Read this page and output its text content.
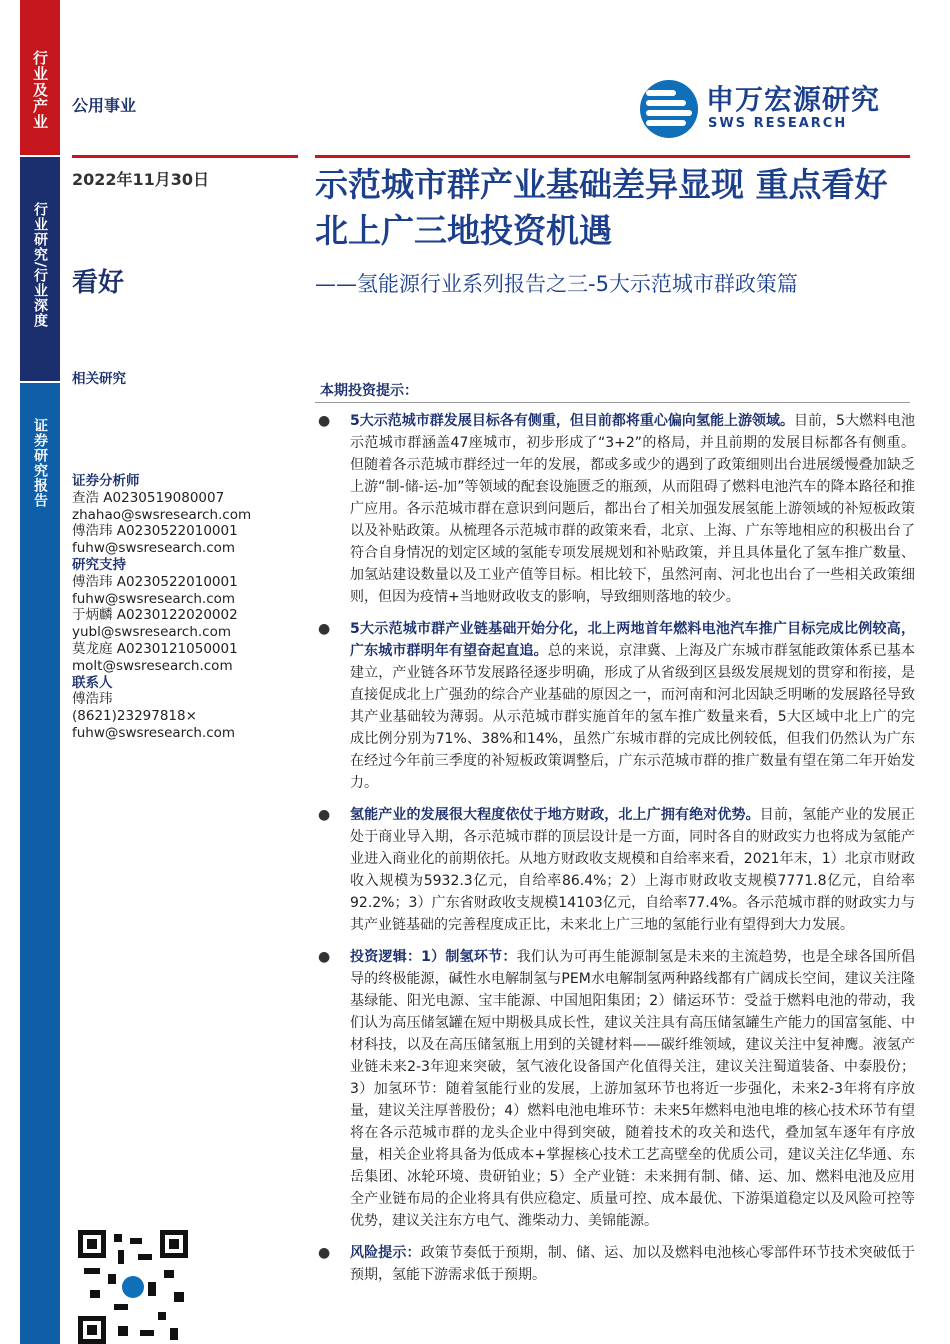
行业及产业
行业研究/行业深度
证券研究报告
公用事业	申万宏源研究
SWS RESEARCH
2022年11月30日
看好
示范城市群产业基础差异显现 重点看好北上广三地投资机遇
——氢能源行业系列报告之三-5大示范城市群政策篇
相关研究
证券分析师
查浩 A0230519080007
zhahao@swsresearch.com
傅浩玮 A0230522010001
fuhw@swsresearch.com
研究支持
傅浩玮 A0230522010001
fuhw@swsresearch.com
于炳麟 A0230122020002
yubl@swsresearch.com
莫龙庭 A0230121050001
molt@swsresearch.com
联系人
傅浩玮
(8621)23297818×
fuhw@swsresearch.com
本期投资提示：
● 5大示范城市群发展目标各有侧重，但目前都将重心偏向氢能上游领域。目前，5大燃料电池示范城市群涵盖47座城市，初步形成了“3+2”的格局，并且前期的发展目标都各有侧重。但随着各示范城市群经过一年的发展，都或多或少的遇到了政策细则出台进展缓慢叠加缺乏上游“制-储-运-加”等领域的配套设施匮乏的瓶颈，从而阻碍了燃料电池汽车的降本路径和推广应用。各示范城市群在意识到问题后，都出台了相关加强发展氢能上游领域的补短板政策以及补贴政策。从梳理各示范城市群的政策来看，北京、上海、广东等地相应的积极出台了符合自身情况的划定区域的氢能专项发展规划和补贴政策，并且具体量化了氢车推广数量、加氢站建设数量以及工业产值等目标。相比较下，虽然河南、河北也出台了一些相关政策细则，但因为疫情+当地财政收支的影响，导致细则落地的较少。
● 5大示范城市群产业链基础开始分化，北上两地首年燃料电池汽车推广目标完成比例较高，广东城市群明年有望奋起直追。总的来说，京津冀、上海及广东城市群氢能政策体系已基本建立，产业链各环节发展路径逐步明确，形成了从省级到区县级发展规划的贯穿和衔接，是直接促成北上广强劲的综合产业基础的原因之一，而河南和河北因缺乏明晰的发展路径导致其产业基础较为薄弱。从示范城市群实施首年的氢车推广数量来看，5大区域中北上广的完成比例分别为71%、38%和14%，虽然广东城市群的完成比例较低，但我们仍然认为广东在经过今年前三季度的补短板政策调整后，广东示范城市群的推广数量有望在第二年开始发力。
● 氢能产业的发展很大程度依仗于地方财政，北上广拥有绝对优势。目前，氢能产业的发展正处于商业导入期，各示范城市群的顶层设计是一方面，同时各自的财政实力也将成为氢能产业进入商业化的前期依托。从地方财政收支规模和自给率来看，2021年末，1）北京市财政收入规模为5932.3亿元，自给率86.4%；2）上海市财政收支规模7771.8亿元，自给率92.2%；3）广东省财政收支规模14103亿元，自给率77.4%。各示范城市群的财政实力与其产业链基础的完善程度成正比，未来北上广三地的氢能行业有望得到大力发展。
● 投资逻辑：1）制氢环节：我们认为可再生能源制氢是未来的主流趋势，也是全球各国所倡导的终极能源，碱性水电解制氢与PEM水电解制氢两种路线都有广阔成长空间，建议关注隆基绿能、阳光电源、宝丰能源、中国旭阳集团；2）储运环节：受益于燃料电池的带动，我们认为高压储氢罐在短中期极具成长性，建议关注具有高压储氢罐生产能力的国富氢能、中材科技，以及在高压储氢瓶上用到的关键材料——碳纤维领域，建议关注中复神鹰。液氢产业链未来2-3年迎来突破，氢气液化设备国产化值得关注，建议关注蜀道装备、中泰股份；3）加氢环节：随着氢能行业的发展，上游加氢环节也将近一步强化，未来2-3年将有序放量，建议关注厚普股份；4）燃料电池电堆环节：未来5年燃料电池电堆的核心技术环节有望将在各示范城市群的龙头企业中得到突破，随着技术的攻关和迭代，叠加氢车逐年有序放量，相关企业将具备为低成本+掌握核心技术工艺高壁垒的优质公司，建议关注亿华通、东岳集团、冰轮环境、贵研铂业；5）全产业链：未来拥有制、储、运、加、燃料电池及应用全产业链布局的企业将具有供应稳定、质量可控、成本最优、下游渠道稳定以及风险可控等优势，建议关注东方电气、潍柴动力、美锦能源。
● 风险提示：政策节奏低于预期，制、储、运、加以及燃料电池核心零部件环节技术突破低于预期，氢能下游需求低于预期。
